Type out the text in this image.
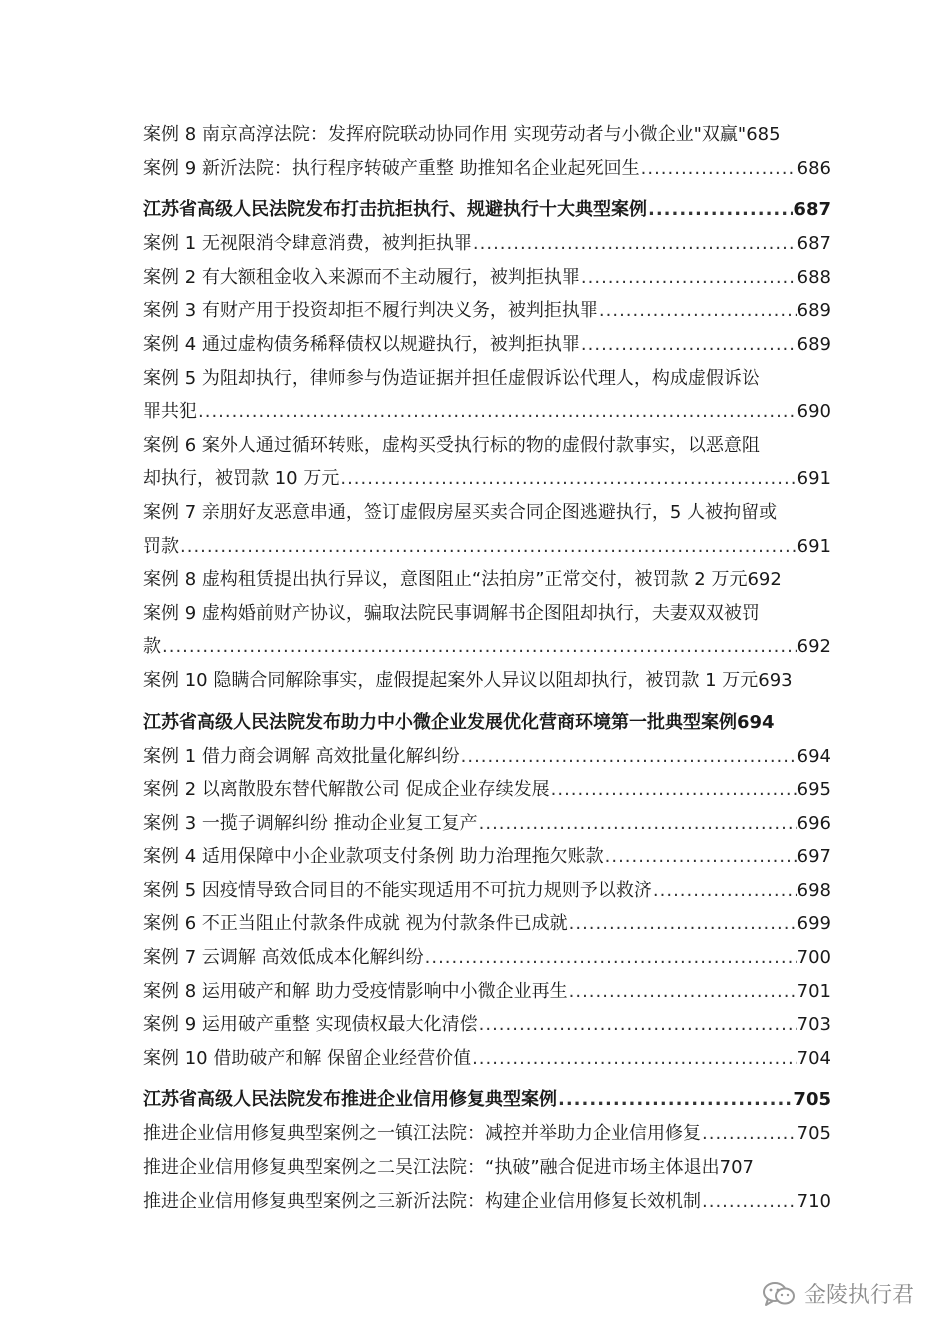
案例 8 南京高淳法院：发挥府院联动协同作用 实现劳动者与小微企业"双赢" 685
案例 9 新沂法院：执行程序转破产重整 助推知名企业起死回生 .....	686
江苏省高级人民法院发布打击抗拒执行、规避执行十大典型案例 .....	687
案例 1 无视限消令肆意消费，被判拒执罪 .....	687
案例 2 有大额租金收入来源而不主动履行，被判拒执罪 .....	688
案例 3 有财产用于投资却拒不履行判决义务，被判拒执罪 .....	689
案例 4 通过虚构债务稀释债权以规避执行，被判拒执罪 .....	689
案例 5 为阻却执行，律师参与伪造证据并担任虚假诉讼代理人，构成虚假诉讼
罪共犯 .....	690
案例 6 案外人通过循环转账，虚构买受执行标的物的虚假付款事实，以恶意阻
却执行，被罚款 10 万元 .....	691
案例 7 亲朋好友恶意串通，签订虚假房屋买卖合同企图逃避执行，5 人被拘留或
罚款 .....	691
案例 8 虚构租赁提出执行异议，意图阻止“法拍房”正常交付，被罚款 2 万元 692
案例 9 虚构婚前财产协议，骗取法院民事调解书企图阻却执行，夫妻双双被罚
款 .....	692
案例 10 隐瞒合同解除事实，虚假提起案外人异议以阻却执行，被罚款 1 万元 693
江苏省高级人民法院发布助力中小微企业发展优化营商环境第一批典型案例 694
案例 1 借力商会调解 高效批量化解纠纷 .....	694
案例 2 以离散股东替代解散公司 促成企业存续发展 .....	695
案例 3 一揽子调解纠纷 推动企业复工复产 .....	696
案例 4 适用保障中小企业款项支付条例 助力治理拖欠账款 .....	697
案例 5 因疫情导致合同目的不能实现适用不可抗力规则予以救济 .....	698
案例 6 不正当阻止付款条件成就 视为付款条件已成就 .....	699
案例 7 云调解 高效低成本化解纠纷 .....	700
案例 8 运用破产和解 助力受疫情影响中小微企业再生 .....	701
案例 9 运用破产重整 实现债权最大化清偿 .....	703
案例 10 借助破产和解 保留企业经营价值 .....	704
江苏省高级人民法院发布推进企业信用修复典型案例 .....	705
推进企业信用修复典型案例之一镇江法院：减控并举助力企业信用修复 .....	705
推进企业信用修复典型案例之二吴江法院：“执破”融合促进市场主体退出 707
推进企业信用修复典型案例之三新沂法院：构建企业信用修复长效机制 .....	710
金陵执行君
